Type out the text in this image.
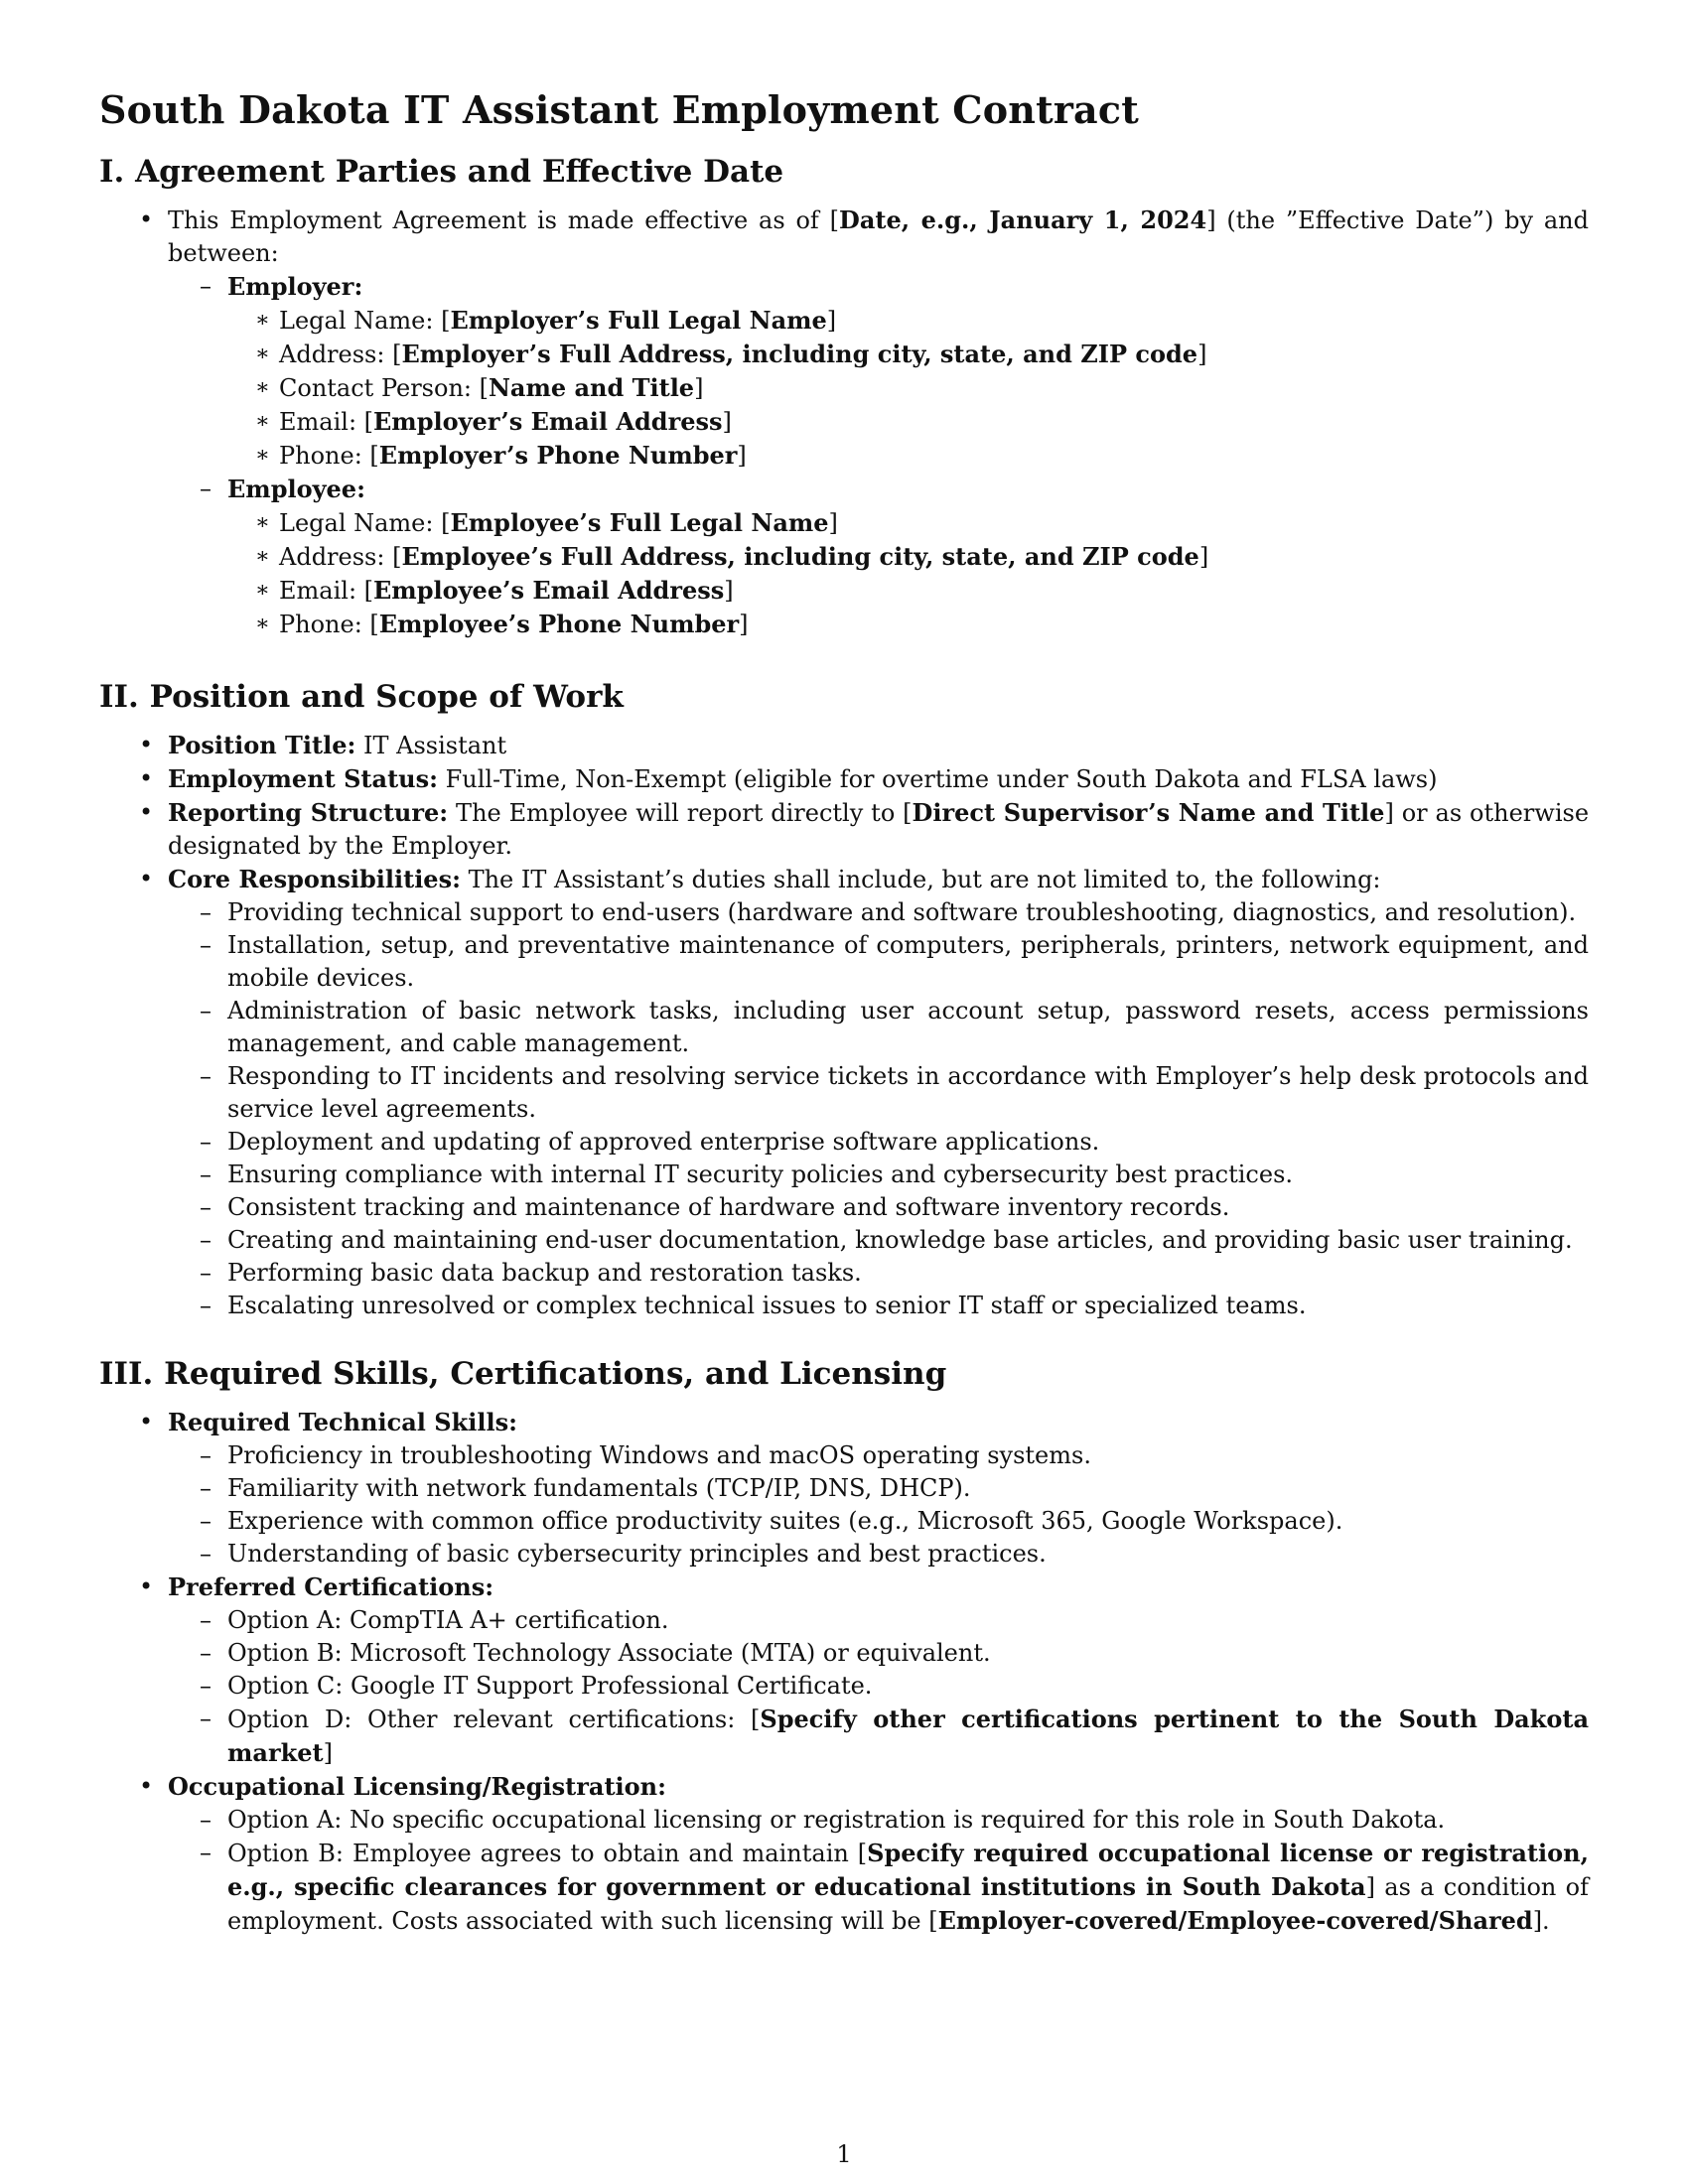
South Dakota IT Assistant Employment Contract
I. Agreement Parties and Effective Date
• This Employment Agreement is made effective as of [Date, e.g., January 1, 2024] (the ”Effective Date”) by and between:
– Employer:
∗ Legal Name: [Employer’s Full Legal Name]
∗ Address: [Employer’s Full Address, including city, state, and ZIP code]
∗ Contact Person: [Name and Title]
∗ Email: [Employer’s Email Address]
∗ Phone: [Employer’s Phone Number]
– Employee:
∗ Legal Name: [Employee’s Full Legal Name]
∗ Address: [Employee’s Full Address, including city, state, and ZIP code]
∗ Email: [Employee’s Email Address]
∗ Phone: [Employee’s Phone Number]
II. Position and Scope of Work
• Position Title: IT Assistant
• Employment Status: Full-Time, Non-Exempt (eligible for overtime under South Dakota and FLSA laws)
• Reporting Structure: The Employee will report directly to [Direct Supervisor’s Name and Title] or as otherwise designated by the Employer.
• Core Responsibilities: The IT Assistant’s duties shall include, but are not limited to, the following:
– Providing technical support to end-users (hardware and software troubleshooting, diagnostics, and resolution).
– Installation, setup, and preventative maintenance of computers, peripherals, printers, network equipment, and mobile devices.
– Administration of basic network tasks, including user account setup, password resets, access permissions management, and cable management.
– Responding to IT incidents and resolving service tickets in accordance with Employer’s help desk protocols and service level agreements.
– Deployment and updating of approved enterprise software applications.
– Ensuring compliance with internal IT security policies and cybersecurity best practices.
– Consistent tracking and maintenance of hardware and software inventory records.
– Creating and maintaining end-user documentation, knowledge base articles, and providing basic user training.
– Performing basic data backup and restoration tasks.
– Escalating unresolved or complex technical issues to senior IT staff or specialized teams.
III. Required Skills, Certifications, and Licensing
• Required Technical Skills:
– Proficiency in troubleshooting Windows and macOS operating systems.
– Familiarity with network fundamentals (TCP/IP, DNS, DHCP).
– Experience with common office productivity suites (e.g., Microsoft 365, Google Workspace).
– Understanding of basic cybersecurity principles and best practices.
• Preferred Certifications:
– Option A: CompTIA A+ certification.
– Option B: Microsoft Technology Associate (MTA) or equivalent.
– Option C: Google IT Support Professional Certificate.
– Option D: Other relevant certifications: [Specify other certifications pertinent to the South Dakota market]
• Occupational Licensing/Registration:
– Option A: No specific occupational licensing or registration is required for this role in South Dakota.
– Option B: Employee agrees to obtain and maintain [Specify required occupational license or registration, e.g., specific clearances for government or educational institutions in South Dakota] as a condition of employment. Costs associated with such licensing will be [Employer-covered/Employee-covered/Shared].
1
